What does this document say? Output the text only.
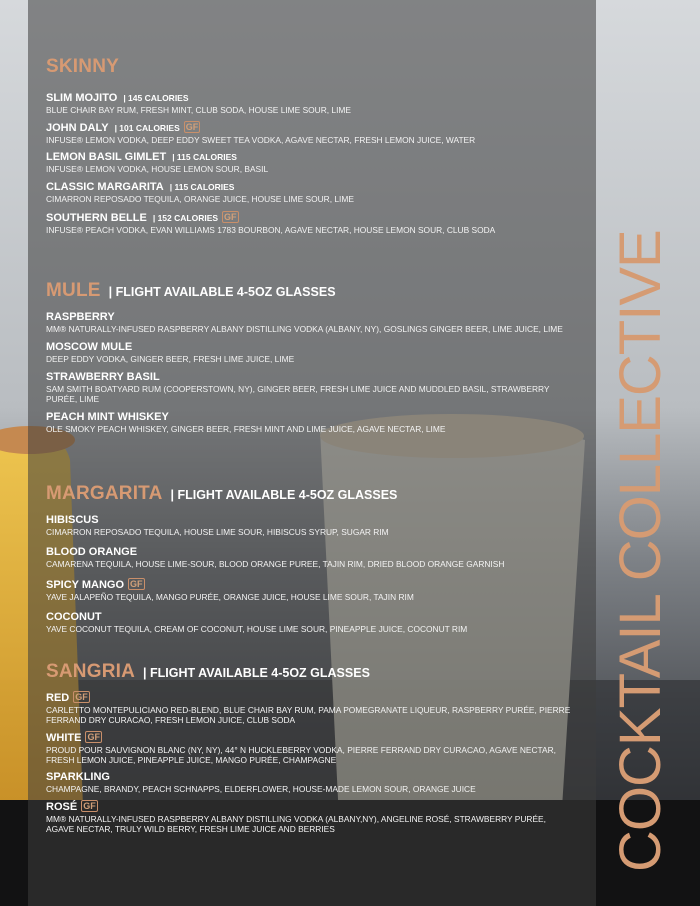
SKINNY
SLIM MOJITO | 145 CALORIES
BLUE CHAIR BAY RUM, FRESH MINT, CLUB SODA, HOUSE LIME SOUR, LIME
JOHN DALY | 101 CALORIES GF
INFUSE® LEMON VODKA, DEEP EDDY SWEET TEA VODKA, AGAVE NECTAR, FRESH LEMON JUICE, WATER
LEMON BASIL GIMLET | 115 CALORIES
INFUSE® LEMON VODKA, HOUSE LEMON SOUR, BASIL
CLASSIC MARGARITA | 115 CALORIES
CIMARRON REPOSADO TEQUILA, ORANGE JUICE, HOUSE LIME SOUR, LIME
SOUTHERN BELLE | 152 CALORIES GF
INFUSE® PEACH VODKA, EVAN WILLIAMS 1783 BOURBON, AGAVE NECTAR, HOUSE LEMON SOUR, CLUB SODA
MULE | FLIGHT AVAILABLE 4-5OZ GLASSES
RASPBERRY
MM® NATURALLY-INFUSED RASPBERRY ALBANY DISTILLING VODKA (ALBANY, NY), GOSLINGS GINGER BEER, LIME JUICE, LIME
MOSCOW MULE
DEEP EDDY VODKA, GINGER BEER, FRESH LIME JUICE, LIME
STRAWBERRY BASIL
SAM SMITH BOATYARD RUM (COOPERSTOWN, NY), GINGER BEER, FRESH LIME JUICE AND MUDDLED BASIL, STRAWBERRY PURÉE, LIME
PEACH MINT WHISKEY
OLE SMOKY PEACH WHISKEY, GINGER BEER, FRESH MINT AND LIME JUICE, AGAVE NECTAR, LIME
MARGARITA | FLIGHT AVAILABLE 4-5OZ GLASSES
HIBISCUS
CIMARRON REPOSADO TEQUILA, HOUSE LIME SOUR, HIBISCUS SYRUP, SUGAR RIM
BLOOD ORANGE
CAMARENA TEQUILA, HOUSE LIME-SOUR, BLOOD ORANGE PUREE, TAJIN RIM, DRIED BLOOD ORANGE GARNISH
SPICY MANGO GF
YAVE JALAPEÑO TEQUILA, MANGO PURÉE, ORANGE JUICE, HOUSE LIME SOUR, TAJIN RIM
COCONUT
YAVE COCONUT TEQUILA, CREAM OF COCONUT, HOUSE LIME SOUR, PINEAPPLE JUICE, COCONUT RIM
SANGRIA | FLIGHT AVAILABLE 4-5OZ GLASSES
RED GF
CARLETTO MONTEPULICIANO RED-BLEND, BLUE CHAIR BAY RUM, PAMA POMEGRANATE LIQUEUR, RASPBERRY PURÉE, PIERRE FERRAND DRY CURACAO, FRESH LEMON JUICE, CLUB SODA
WHITE GF
PROUD POUR SAUVIGNON BLANC (NY, NY), 44° N HUCKLEBERRY VODKA, PIERRE FERRAND DRY CURACAO, AGAVE NECTAR, FRESH LEMON JUICE, PINEAPPLE JUICE, MANGO PURÉE, CHAMPAGNE
SPARKLING
CHAMPAGNE, BRANDY, PEACH SCHNAPPS, ELDERFLOWER, HOUSE-MADE LEMON SOUR, ORANGE JUICE
ROSÉ GF
MM® NATURALLY-INFUSED RASPBERRY ALBANY DISTILLING VODKA (ALBANY,NY), ANGELINE ROSÉ, STRAWBERRY PURÉE, AGAVE NECTAR, TRULY WILD BERRY, FRESH LIME JUICE AND BERRIES	COCKTAIL COLLECTIVE
